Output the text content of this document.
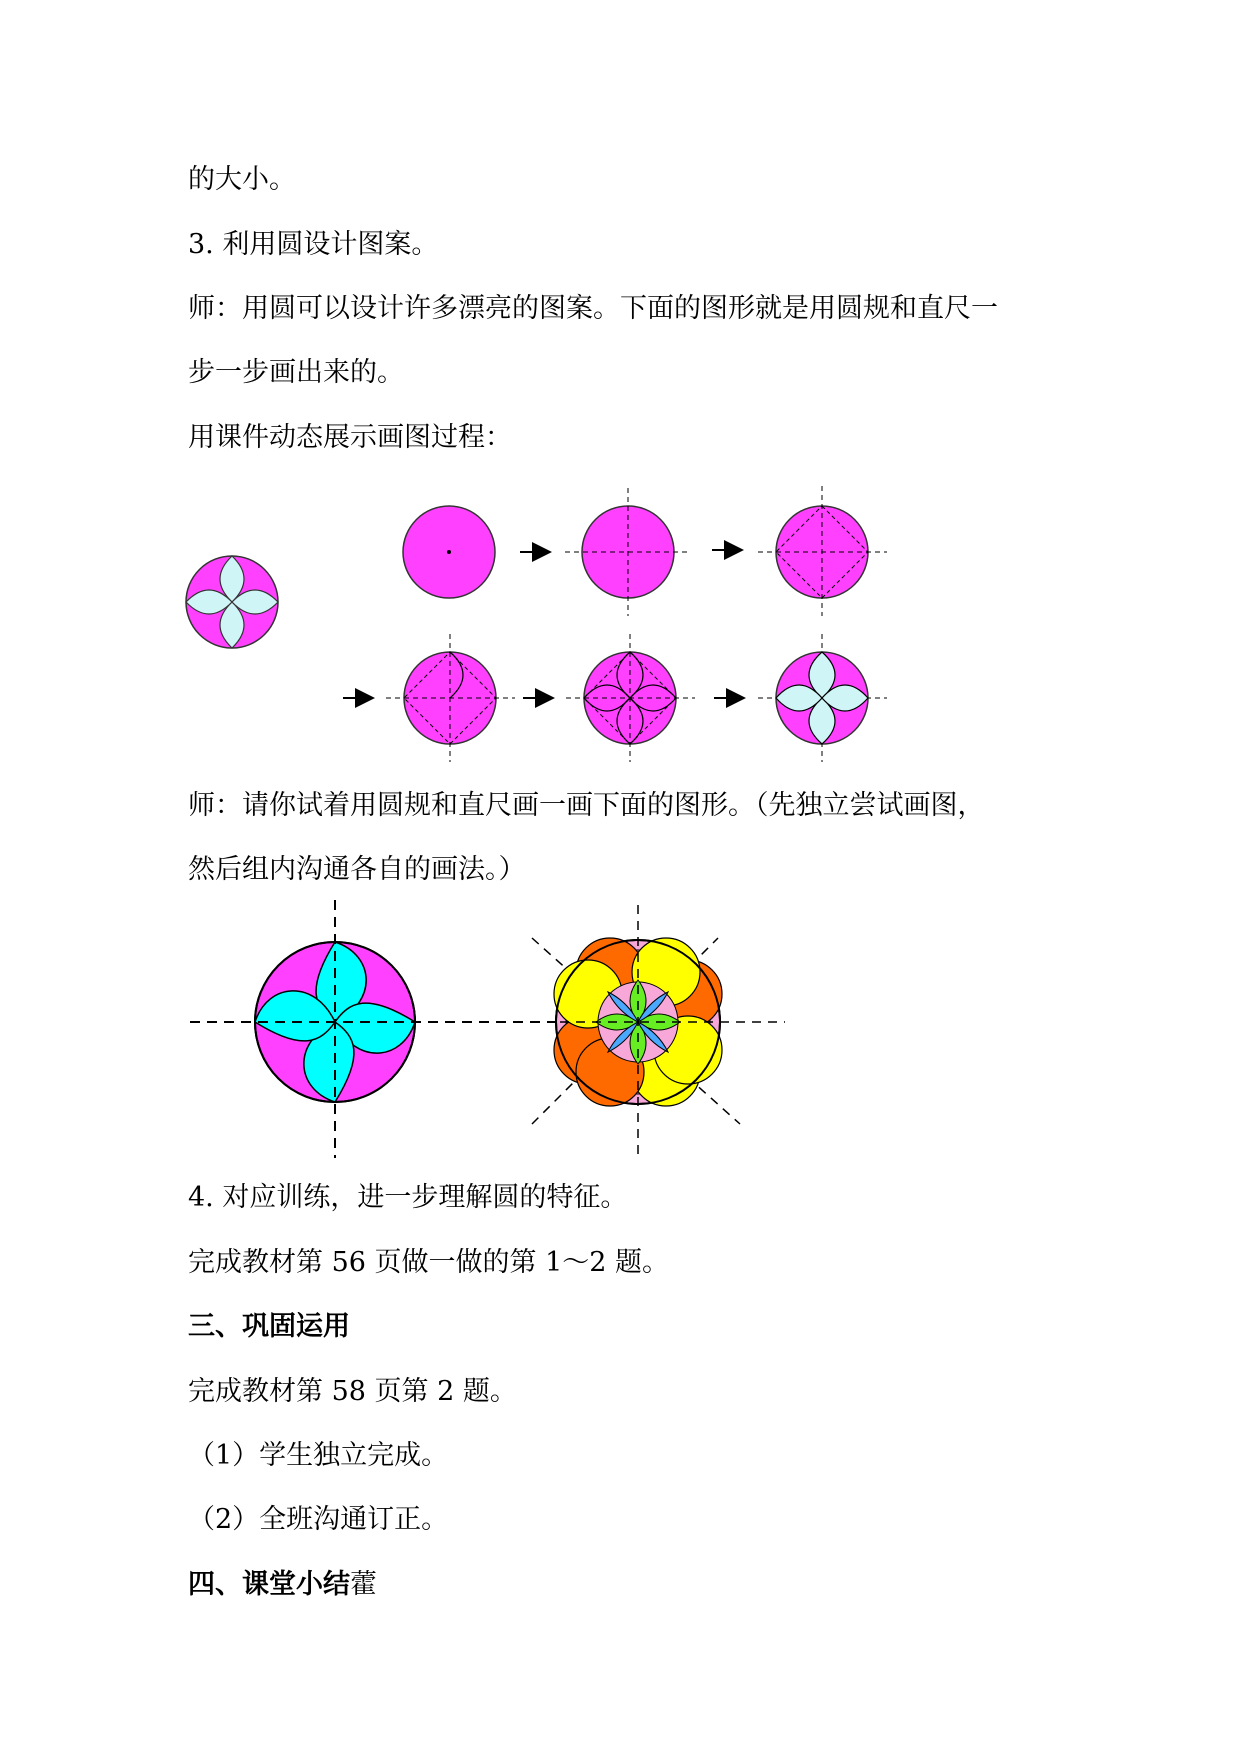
的大小。
3. 利用圆设计图案。
师：用圆可以设计许多漂亮的图案。下面的图形就是用圆规和直尺一
步一步画出来的。
用课件动态展示画图过程：
师：请你试着用圆规和直尺画一画下面的图形。（先独立尝试画图，
然后组内沟通各自的画法。）
4. 对应训练，进一步理解圆的特征。
完成教材第 56 页做一做的第 1～2 题。
三、巩固运用
完成教材第 58 页第 2 题。
（1）学生独立完成。
（2）全班沟通订正。
四、课堂小结藿
